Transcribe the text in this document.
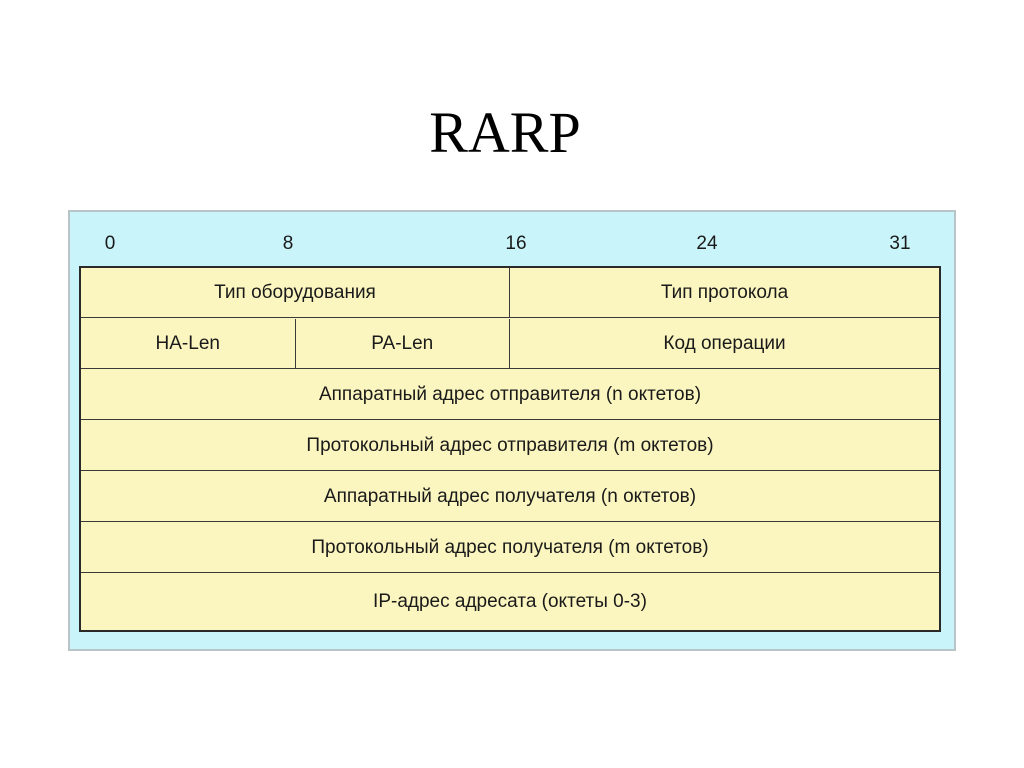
RARP
0	8	16	24	31
Тип оборудования	Тип протокола
HA-Len	PA-Len	Код операции
Аппаратный адрес отправителя (n октетов)
Протокольный адрес отправителя (m октетов)
Аппаратный адрес получателя (n октетов)
Протокольный адрес получателя (m октетов)
IP-адрес адресата (октеты 0-3)
